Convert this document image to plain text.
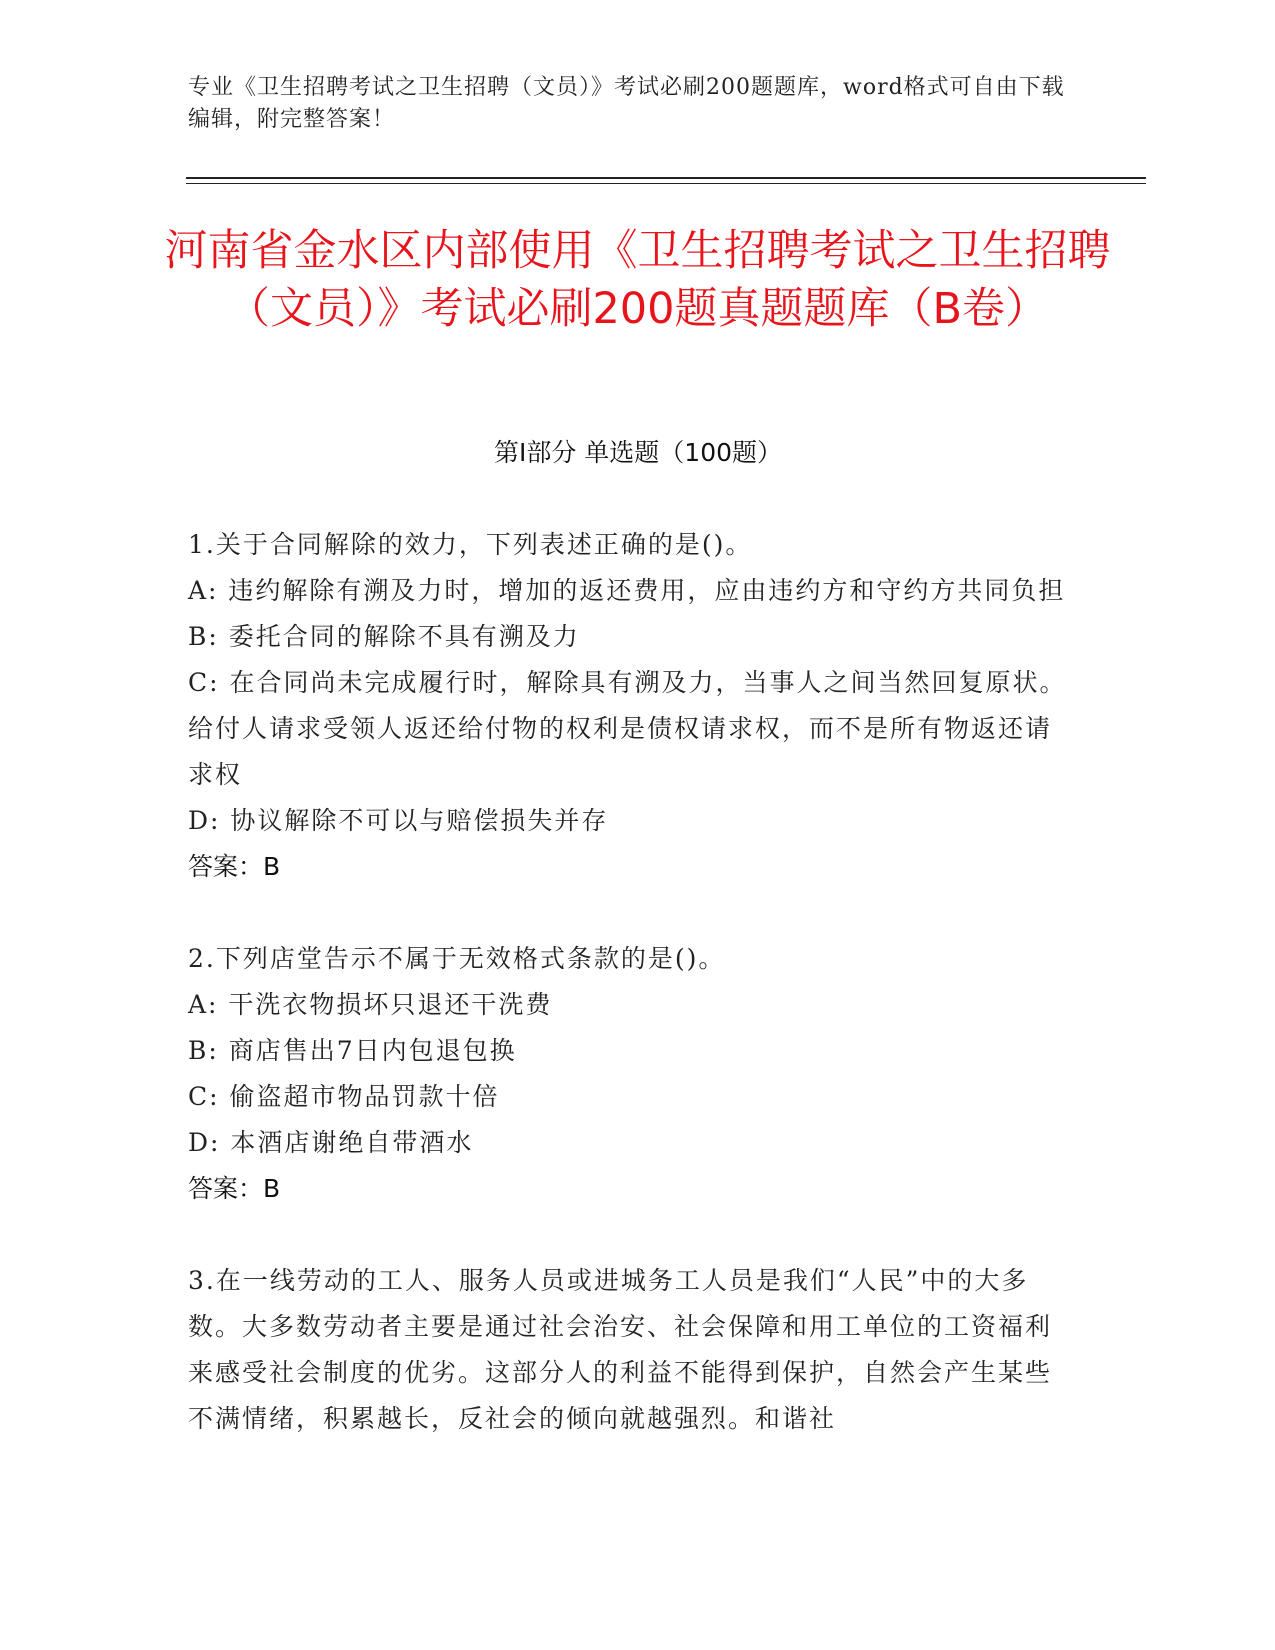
专业《卫生招聘考试之卫生招聘（文员）》考试必刷200题题库，word格式可自由下载编辑，附完整答案！
河南省金水区内部使用《卫生招聘考试之卫生招聘（文员）》考试必刷200题真题题库（B卷）
第I部分 单选题（100题）

1.关于合同解除的效力，下列表述正确的是()。

A: 违约解除有溯及力时，增加的返还费用，应由违约方和守约方共同负担

B: 委托合同的解除不具有溯及力

C: 在合同尚未完成履行时，解除具有溯及力，当事人之间当然回复原状。给付人请求受领人返还给付物的权利是债权请求权，而不是所有物返还请求权

D: 协议解除不可以与赔偿损失并存

答案：B

2.下列店堂告示不属于无效格式条款的是()。

A: 干洗衣物损坏只退还干洗费

B: 商店售出7日内包退包换

C: 偷盗超市物品罚款十倍

D: 本酒店谢绝自带酒水

答案：B

3.在一线劳动的工人、服务人员或进城务工人员是我们“人民”中的大多数。大多数劳动者主要是通过社会治安、社会保障和用工单位的工资福利来感受社会制度的优劣。这部分人的利益不能得到保护，自然会产生某些不满情绪，积累越长，反社会的倾向就越强烈。和谐社
